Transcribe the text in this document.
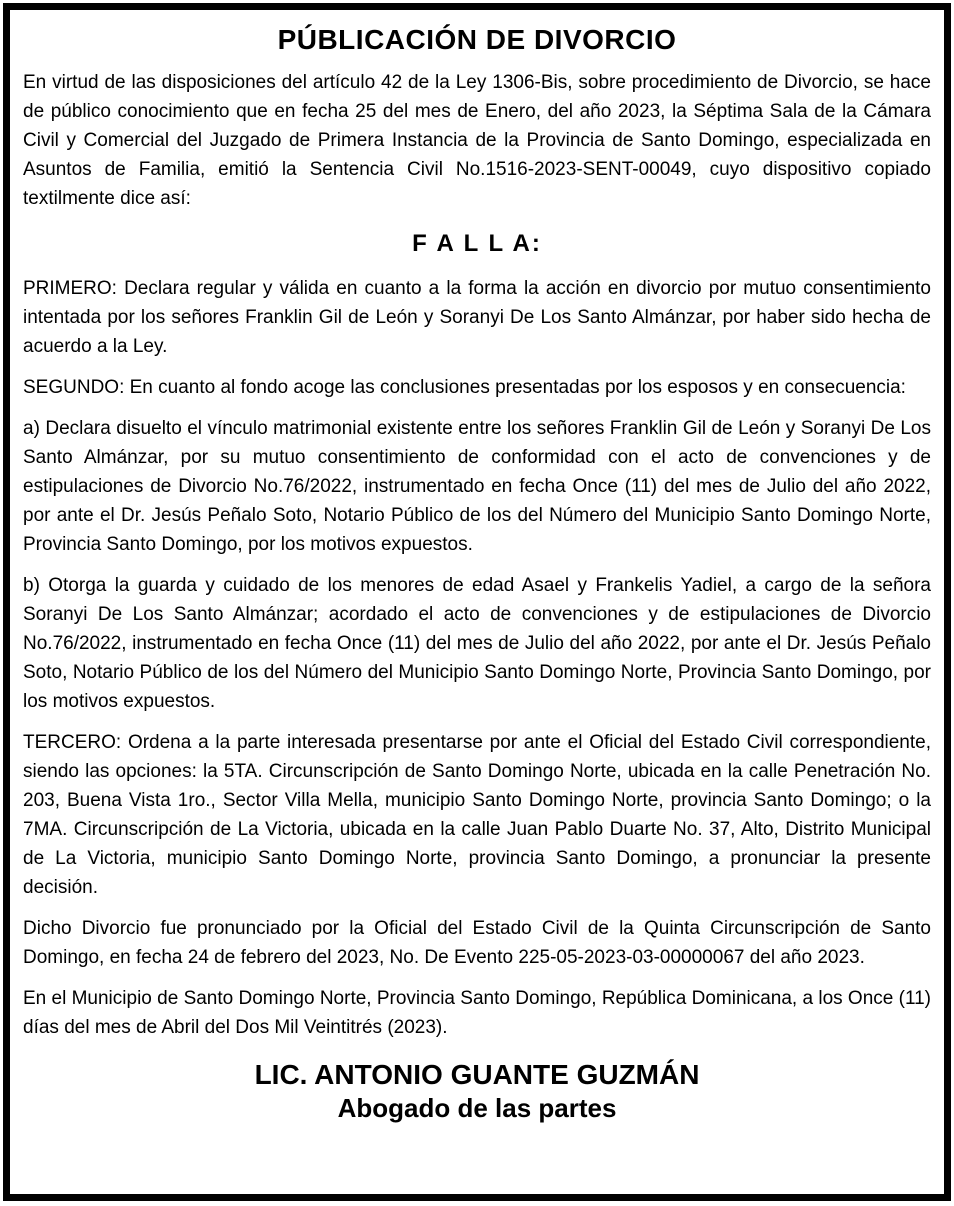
PÚBLICACIÓN DE DIVORCIO

En virtud de las disposiciones del artículo 42 de la Ley 1306-Bis, sobre procedimiento de Divorcio, se hace de público conocimiento que en fecha 25 del mes de Enero, del año 2023, la Séptima Sala de la Cámara Civil y Comercial del Juzgado de Primera Instancia de la Provincia de Santo Domingo, especializada en Asuntos de Familia, emitió la Sentencia Civil No.1516-2023-SENT-00049, cuyo dispositivo copiado textilmente dice así:

F A L L A:

PRIMERO: Declara regular y válida en cuanto a la forma la acción en divorcio por mutuo consentimiento intentada por los señores Franklin Gil de León y Soranyi De Los Santo Almánzar, por haber sido hecha de acuerdo a la Ley.

SEGUNDO: En cuanto al fondo acoge las conclusiones presentadas por los esposos y en consecuencia:

a) Declara disuelto el vínculo matrimonial existente entre los señores Franklin Gil de León y Soranyi De Los Santo Almánzar, por su mutuo consentimiento de conformidad con el acto de convenciones y de estipulaciones de Divorcio No.76/2022, instrumentado en fecha Once (11) del mes de Julio del año 2022, por ante el Dr. Jesús Peñalo Soto, Notario Público de los del Número del Municipio Santo Domingo Norte, Provincia Santo Domingo, por los motivos expuestos.

b) Otorga la guarda y cuidado de los menores de edad Asael y Frankelis Yadiel, a cargo de la señora Soranyi De Los Santo Almánzar; acordado el acto de convenciones y de estipulaciones de Divorcio No.76/2022, instrumentado en fecha Once (11) del mes de Julio del año 2022, por ante el Dr. Jesús Peñalo Soto, Notario Público de los del Número del Municipio Santo Domingo Norte, Provincia Santo Domingo, por los motivos expuestos.

TERCERO: Ordena a la parte interesada presentarse por ante el Oficial del Estado Civil correspondiente, siendo las opciones: la 5TA. Circunscripción de Santo Domingo Norte, ubicada en la calle Penetración No. 203, Buena Vista 1ro., Sector Villa Mella, municipio Santo Domingo Norte, provincia Santo Domingo; o la 7MA. Circunscripción de La Victoria, ubicada en la calle Juan Pablo Duarte No. 37, Alto, Distrito Municipal de La Victoria, municipio Santo Domingo Norte, provincia Santo Domingo, a pronunciar la presente decisión.

Dicho Divorcio fue pronunciado por la Oficial del Estado Civil de la Quinta Circunscripción de Santo Domingo, en fecha 24 de febrero del 2023, No. De Evento 225-05-2023-03-00000067 del año 2023.

En el Municipio de Santo Domingo Norte, Provincia Santo Domingo, República Dominicana, a los Once (11) días del mes de Abril del Dos Mil Veintitrés (2023).

LIC. ANTONIO GUANTE GUZMÁN
Abogado de las partes
